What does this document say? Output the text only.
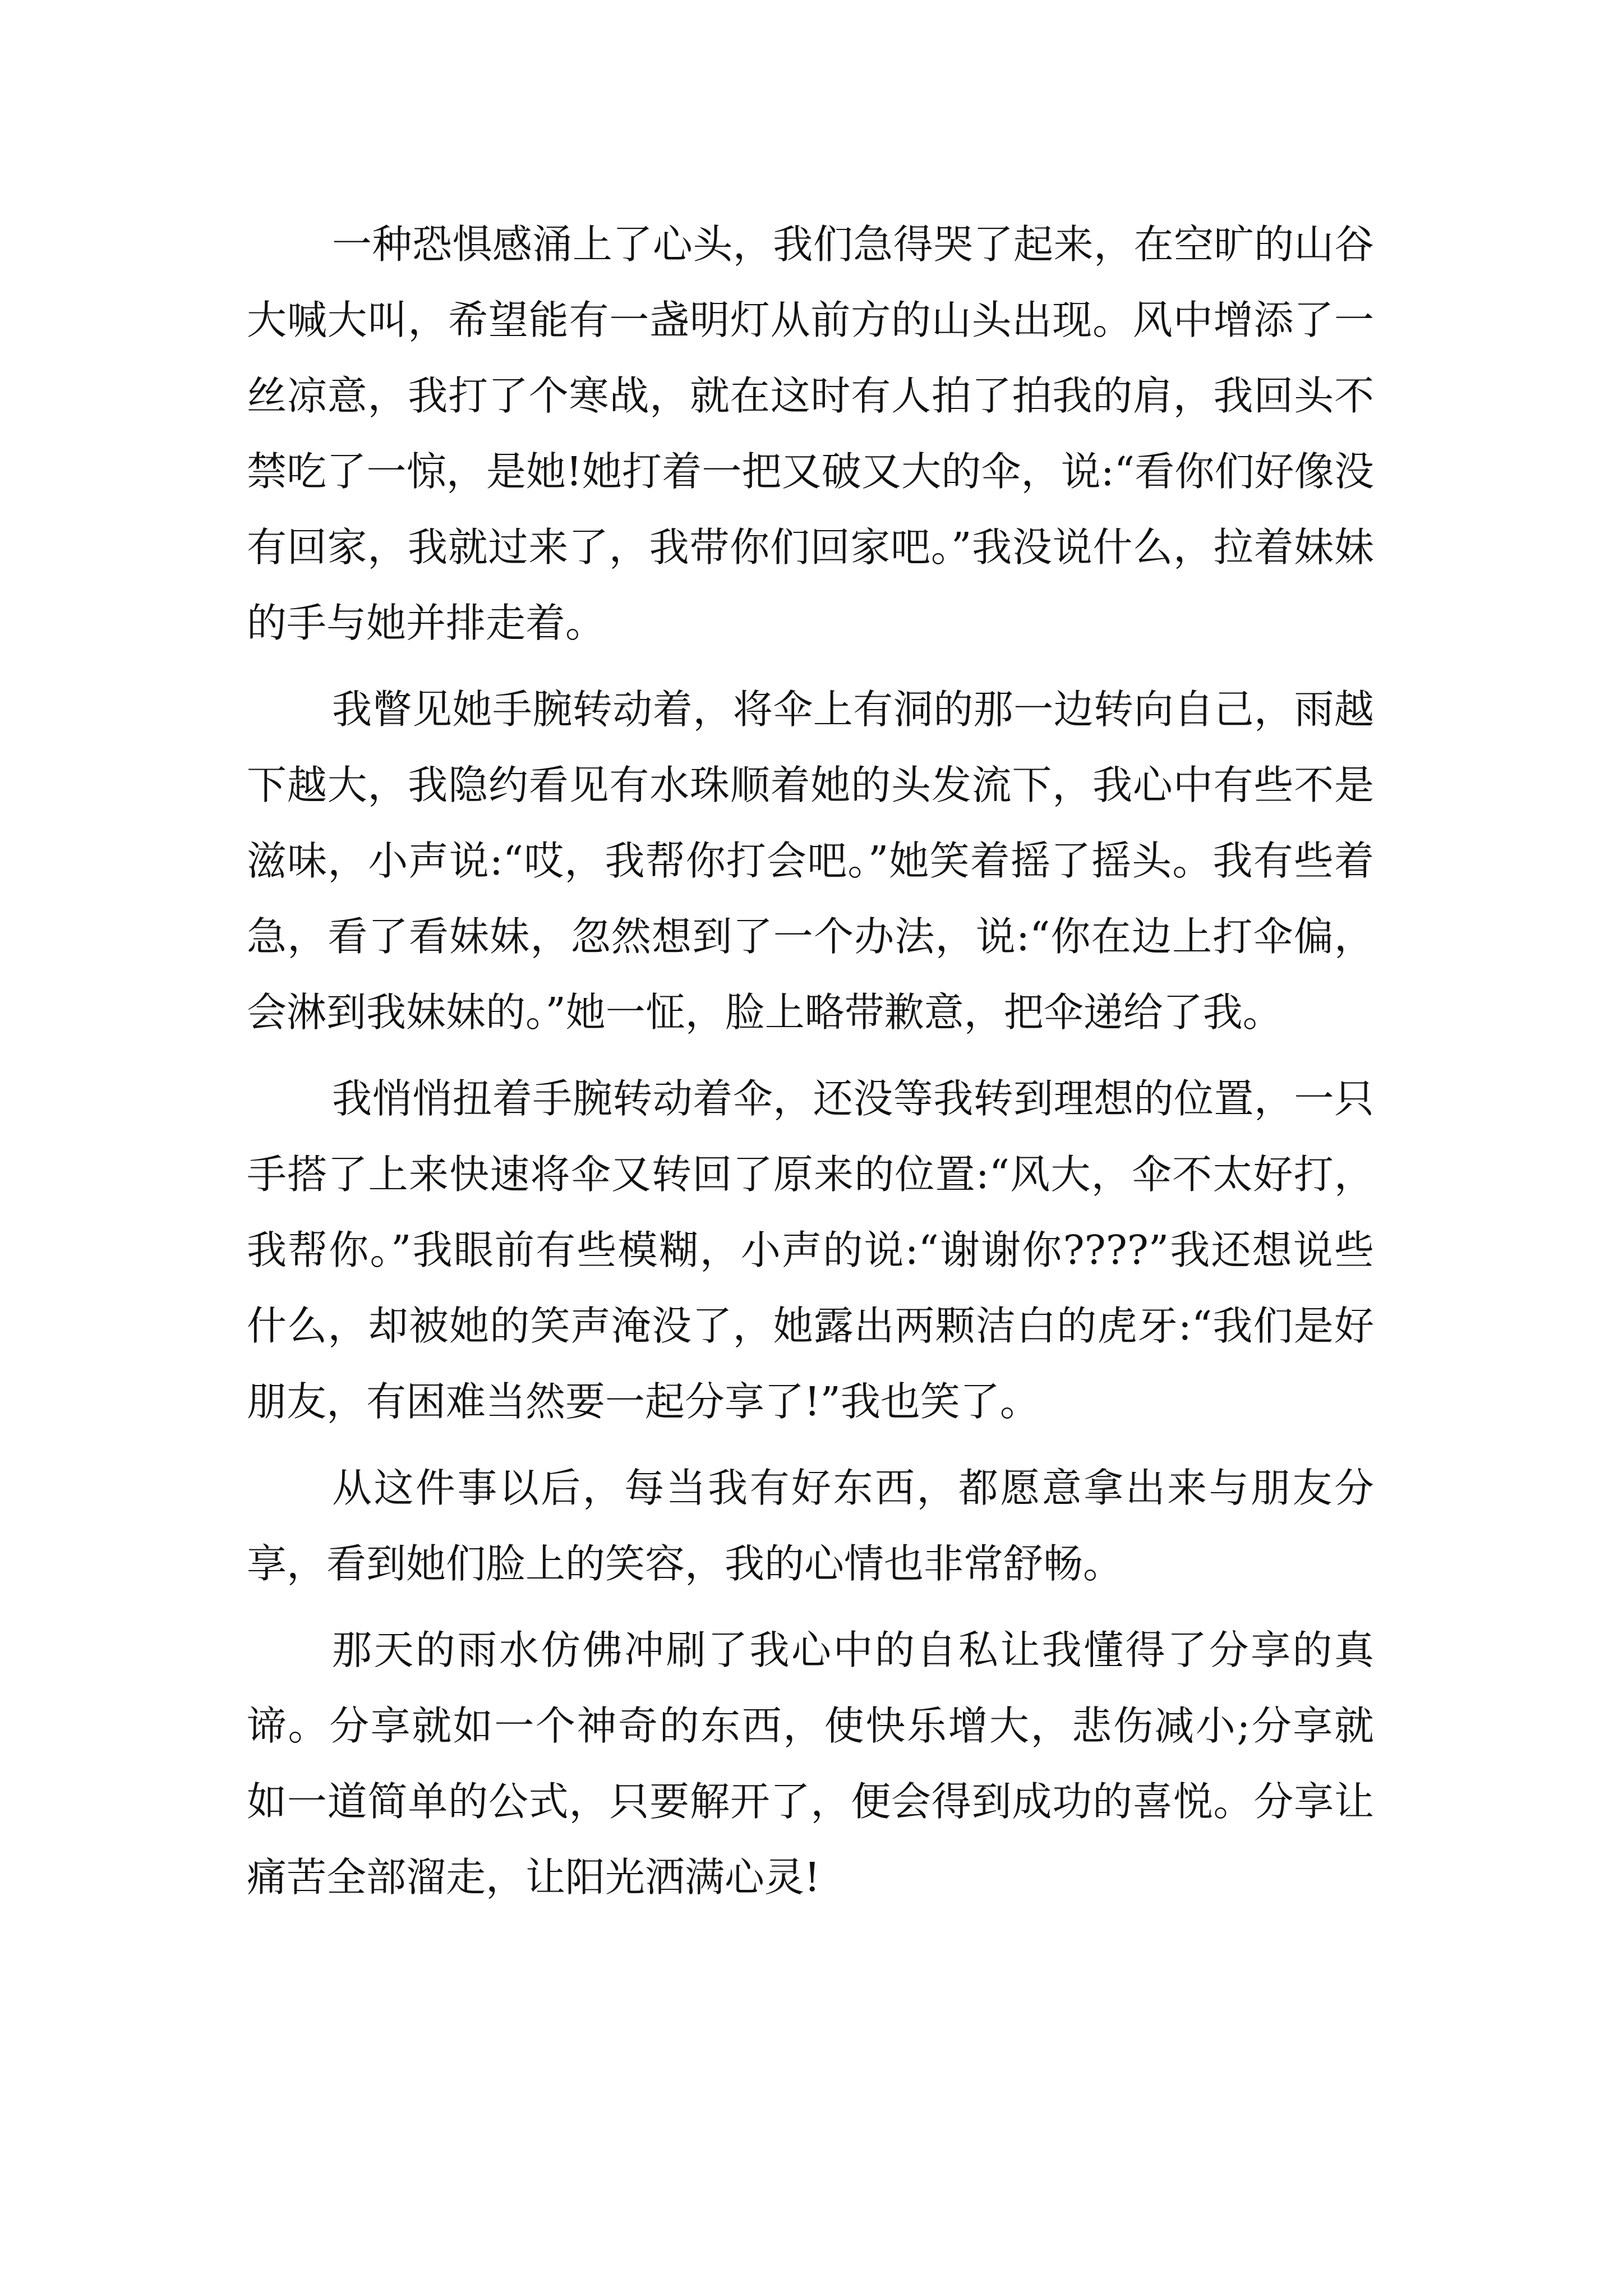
一种恐惧感涌上了心头，我们急得哭了起来，在空旷的山谷大喊大叫，希望能有一盏明灯从前方的山头出现。风中增添了一丝凉意，我打了个寒战，就在这时有人拍了拍我的肩，我回头不禁吃了一惊，是她!她打着一把又破又大的伞，说:“看你们好像没有回家，我就过来了，我带你们回家吧。”我没说什么，拉着妹妹的手与她并排走着。

我瞥见她手腕转动着，将伞上有洞的那一边转向自己，雨越下越大，我隐约看见有水珠顺着她的头发流下，我心中有些不是滋味，小声说:“哎，我帮你打会吧。”她笑着摇了摇头。我有些着急，看了看妹妹，忽然想到了一个办法，说:“你在边上打伞偏，会淋到我妹妹的。”她一怔，脸上略带歉意，把伞递给了我。

我悄悄扭着手腕转动着伞，还没等我转到理想的位置，一只手搭了上来快速将伞又转回了原来的位置:“风大，伞不太好打，我帮你。”我眼前有些模糊，小声的说:“谢谢你????”我还想说些什么，却被她的笑声淹没了，她露出两颗洁白的虎牙:“我们是好朋友，有困难当然要一起分享了!”我也笑了。

从这件事以后，每当我有好东西，都愿意拿出来与朋友分享，看到她们脸上的笑容，我的心情也非常舒畅。

那天的雨水仿佛冲刷了我心中的自私让我懂得了分享的真谛。分享就如一个神奇的东西，使快乐增大，悲伤减小;分享就如一道简单的公式，只要解开了，便会得到成功的喜悦。分享让痛苦全部溜走，让阳光洒满心灵!
